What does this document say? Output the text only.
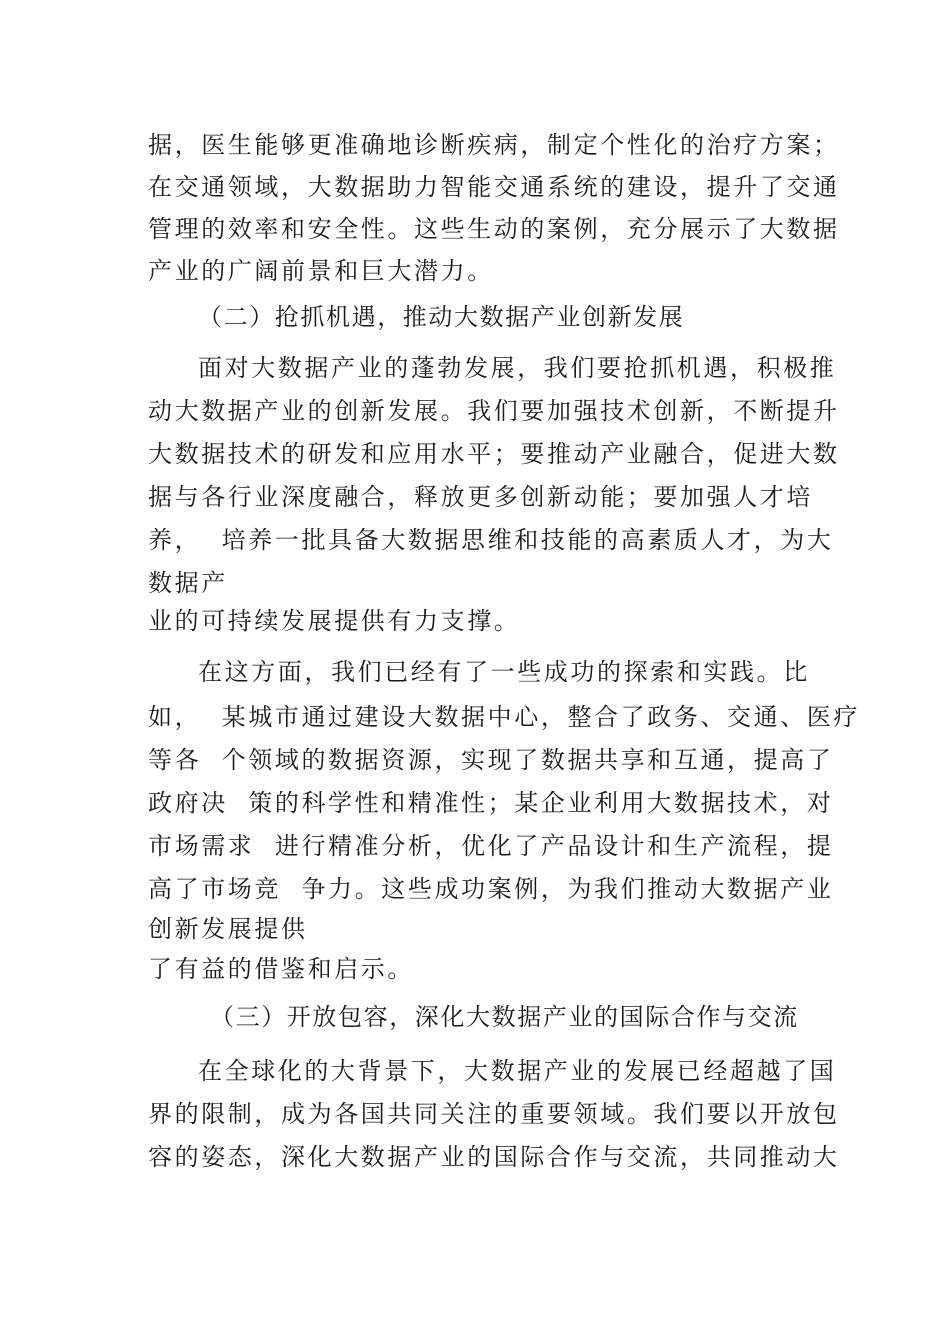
据，医生能够更准确地诊断疾病，制定个性化的治疗方案；
在交通领域，大数据助力智能交通系统的建设，提升了交通
管理的效率和安全性。这些生动的案例，充分展示了大数据
产业的广阔前景和巨大潜力。
（二）抢抓机遇，推动大数据产业创新发展
面对大数据产业的蓬勃发展，我们要抢抓机遇，积极推
动大数据产业的创新发展。我们要加强技术创新，不断提升
大数据技术的研发和应用水平；要推动产业融合，促进大数
据与各行业深度融合，释放更多创新动能；要加强人才培
养，  培养一批具备大数据思维和技能的高素质人才，为大
数据产
业的可持续发展提供有力支撑。
在这方面，我们已经有了一些成功的探索和实践。比
如，  某城市通过建设大数据中心，整合了政务、交通、医疗
等各  个领域的数据资源，实现了数据共享和互通，提高了
政府决  策的科学性和精准性；某企业利用大数据技术，对
市场需求  进行精准分析，优化了产品设计和生产流程，提
高了市场竞  争力。这些成功案例，为我们推动大数据产业
创新发展提供
了有益的借鉴和启示。
（三）开放包容，深化大数据产业的国际合作与交流
在全球化的大背景下，大数据产业的发展已经超越了国
界的限制，成为各国共同关注的重要领域。我们要以开放包
容的姿态，深化大数据产业的国际合作与交流，共同推动大
